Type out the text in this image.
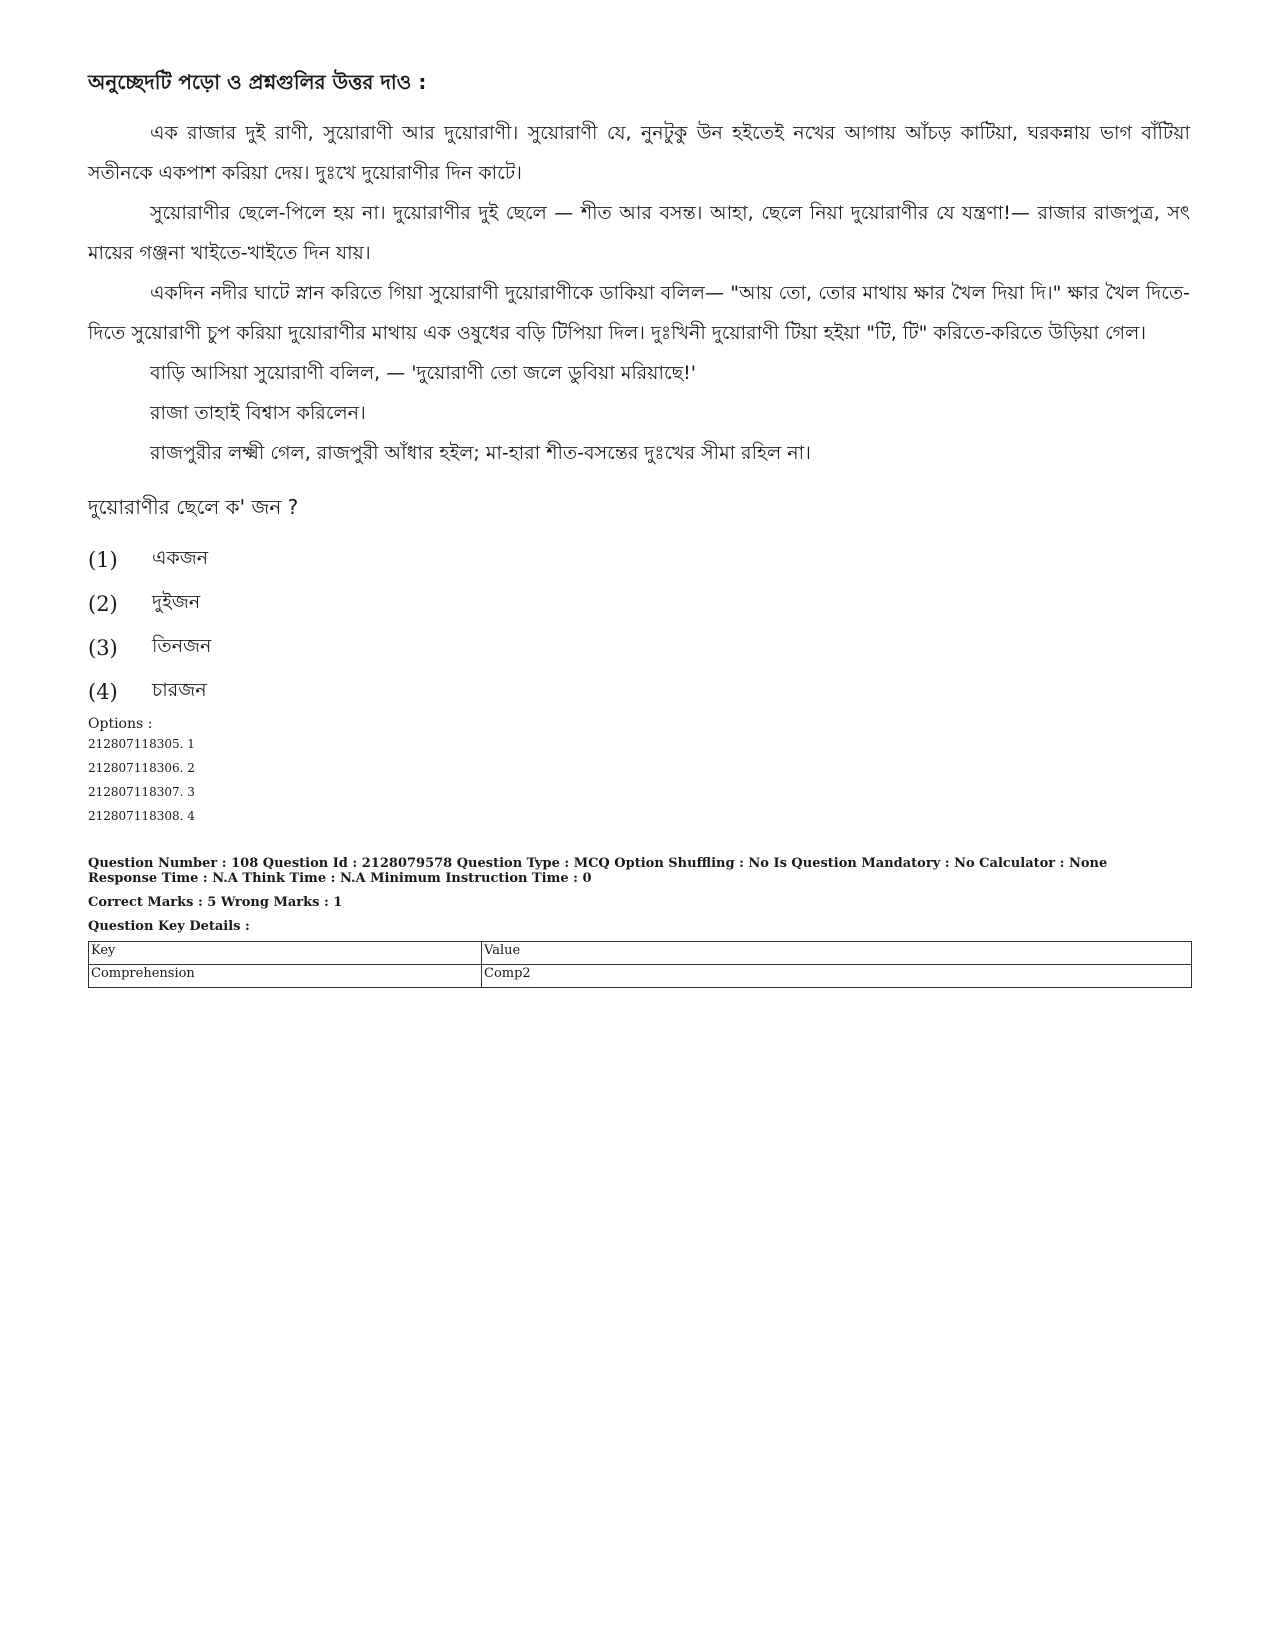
অনুচ্ছেদটি পড়ো ও প্রশ্নগুলির উত্তর দাও :

এক রাজার দুই রাণী, সুয়োরাণী আর দুয়োরাণী। সুয়োরাণী যে, নুনটুকু উন হইতেই নখের আগায় আঁচড় কাটিয়া, ঘরকন্নায় ভাগ বাঁটিয়া সতীনকে একপাশ করিয়া দেয়। দুঃখে দুয়োরাণীর দিন কাটে।

সুয়োরাণীর ছেলে-পিলে হয় না। দুয়োরাণীর দুই ছেলে — শীত আর বসন্ত। আহা, ছেলে নিয়া দুয়োরাণীর যে যন্ত্রণা!— রাজার রাজপুত্র, সৎ মায়ের গঞ্জনা খাইতে-খাইতে দিন যায়।

একদিন নদীর ঘাটে স্নান করিতে গিয়া সুয়োরাণী দুয়োরাণীকে ডাকিয়া বলিল— "আয় তো, তোর মাথায় ক্ষার খৈল দিয়া দি।" ক্ষার খৈল দিতে-দিতে সুয়োরাণী চুপ করিয়া দুয়োরাণীর মাথায় এক ওষুধের বড়ি টিপিয়া দিল। দুঃখিনী দুয়োরাণী টিয়া হইয়া "টি, টি" করিতে-করিতে উড়িয়া গেল।

বাড়ি আসিয়া সুয়োরাণী বলিল, — 'দুয়োরাণী তো জলে ডুবিয়া মরিয়াছে!'

রাজা তাহাই বিশ্বাস করিলেন।

রাজপুরীর লক্ষ্মী গেল, রাজপুরী আঁধার হইল; মা-হারা শীত-বসন্তের দুঃখের সীমা রহিল না।

দুয়োরাণীর ছেলে ক' জন ?

(1)	একজন
(2)	দুইজন
(3)	তিনজন
(4)	চারজন
Options :
212807118305. 1
212807118306. 2
212807118307. 3
212807118308. 4
Question Number : 108 Question Id : 2128079578 Question Type : MCQ Option Shuffling : No Is Question Mandatory : No Calculator : None
Response Time : N.A Think Time : N.A Minimum Instruction Time : 0
Correct Marks : 5 Wrong Marks : 1
Question Key Details :
Key	Value
Comprehension	Comp2
